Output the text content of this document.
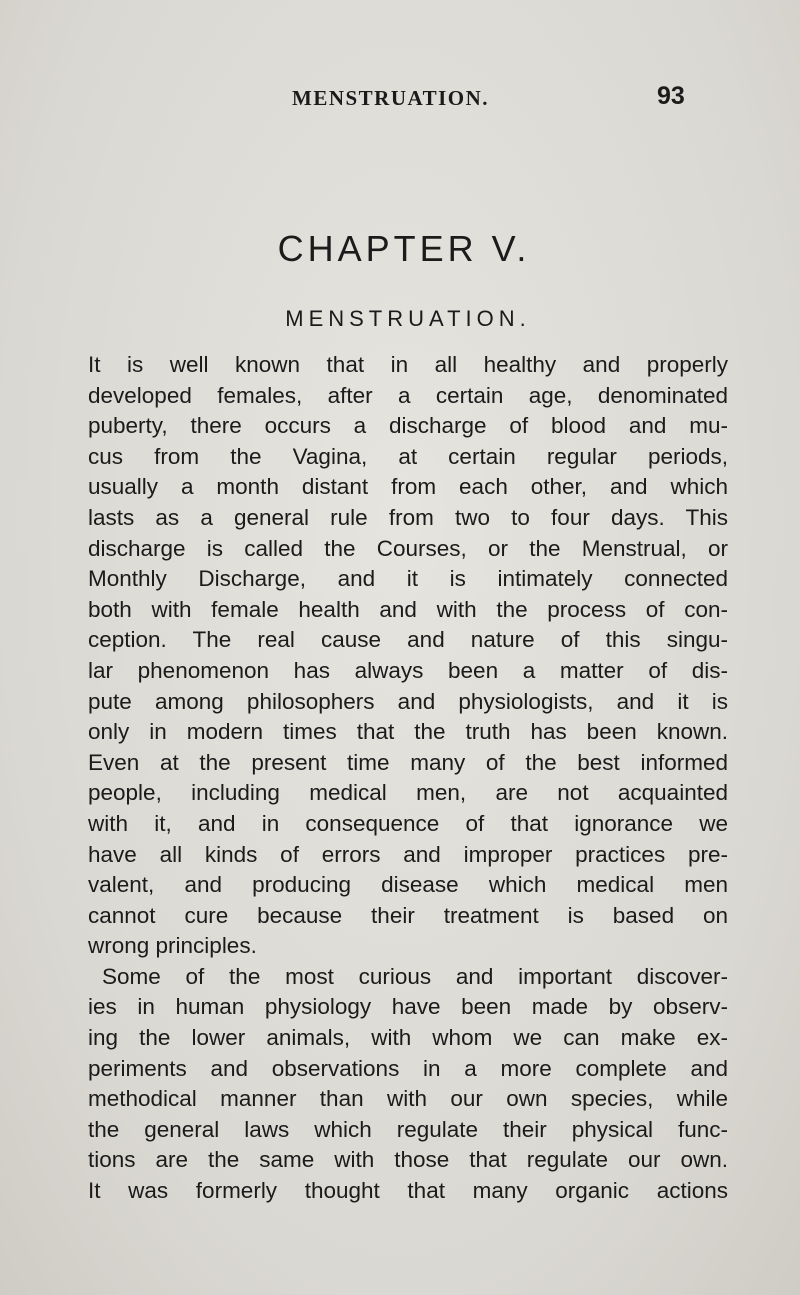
MENSTRUATION.	93
CHAPTER V.
MENSTRUATION.
It is well known that in all healthy and properly
developed females, after a certain age, denominated
puberty, there occurs a discharge of blood and mu-
cus from the Vagina, at certain regular periods,
usually a month distant from each other, and which
lasts as a general rule from two to four days. This
discharge is called the Courses, or the Menstrual, or
Monthly Discharge, and it is intimately connected
both with female health and with the process of con-
ception. The real cause and nature of this singu-
lar phenomenon has always been a matter of dis-
pute among philosophers and physiologists, and it is
only in modern times that the truth has been known.
Even at the present time many of the best informed
people, including medical men, are not acquainted
with it, and in consequence of that ignorance we
have all kinds of errors and improper practices pre-
valent, and producing disease which medical men
cannot cure because their treatment is based on
wrong principles.
Some of the most curious and important discover-
ies in human physiology have been made by observ-
ing the lower animals, with whom we can make ex-
periments and observations in a more complete and
methodical manner than with our own species, while
the general laws which regulate their physical func-
tions are the same with those that regulate our own.
It was formerly thought that many organic actions
